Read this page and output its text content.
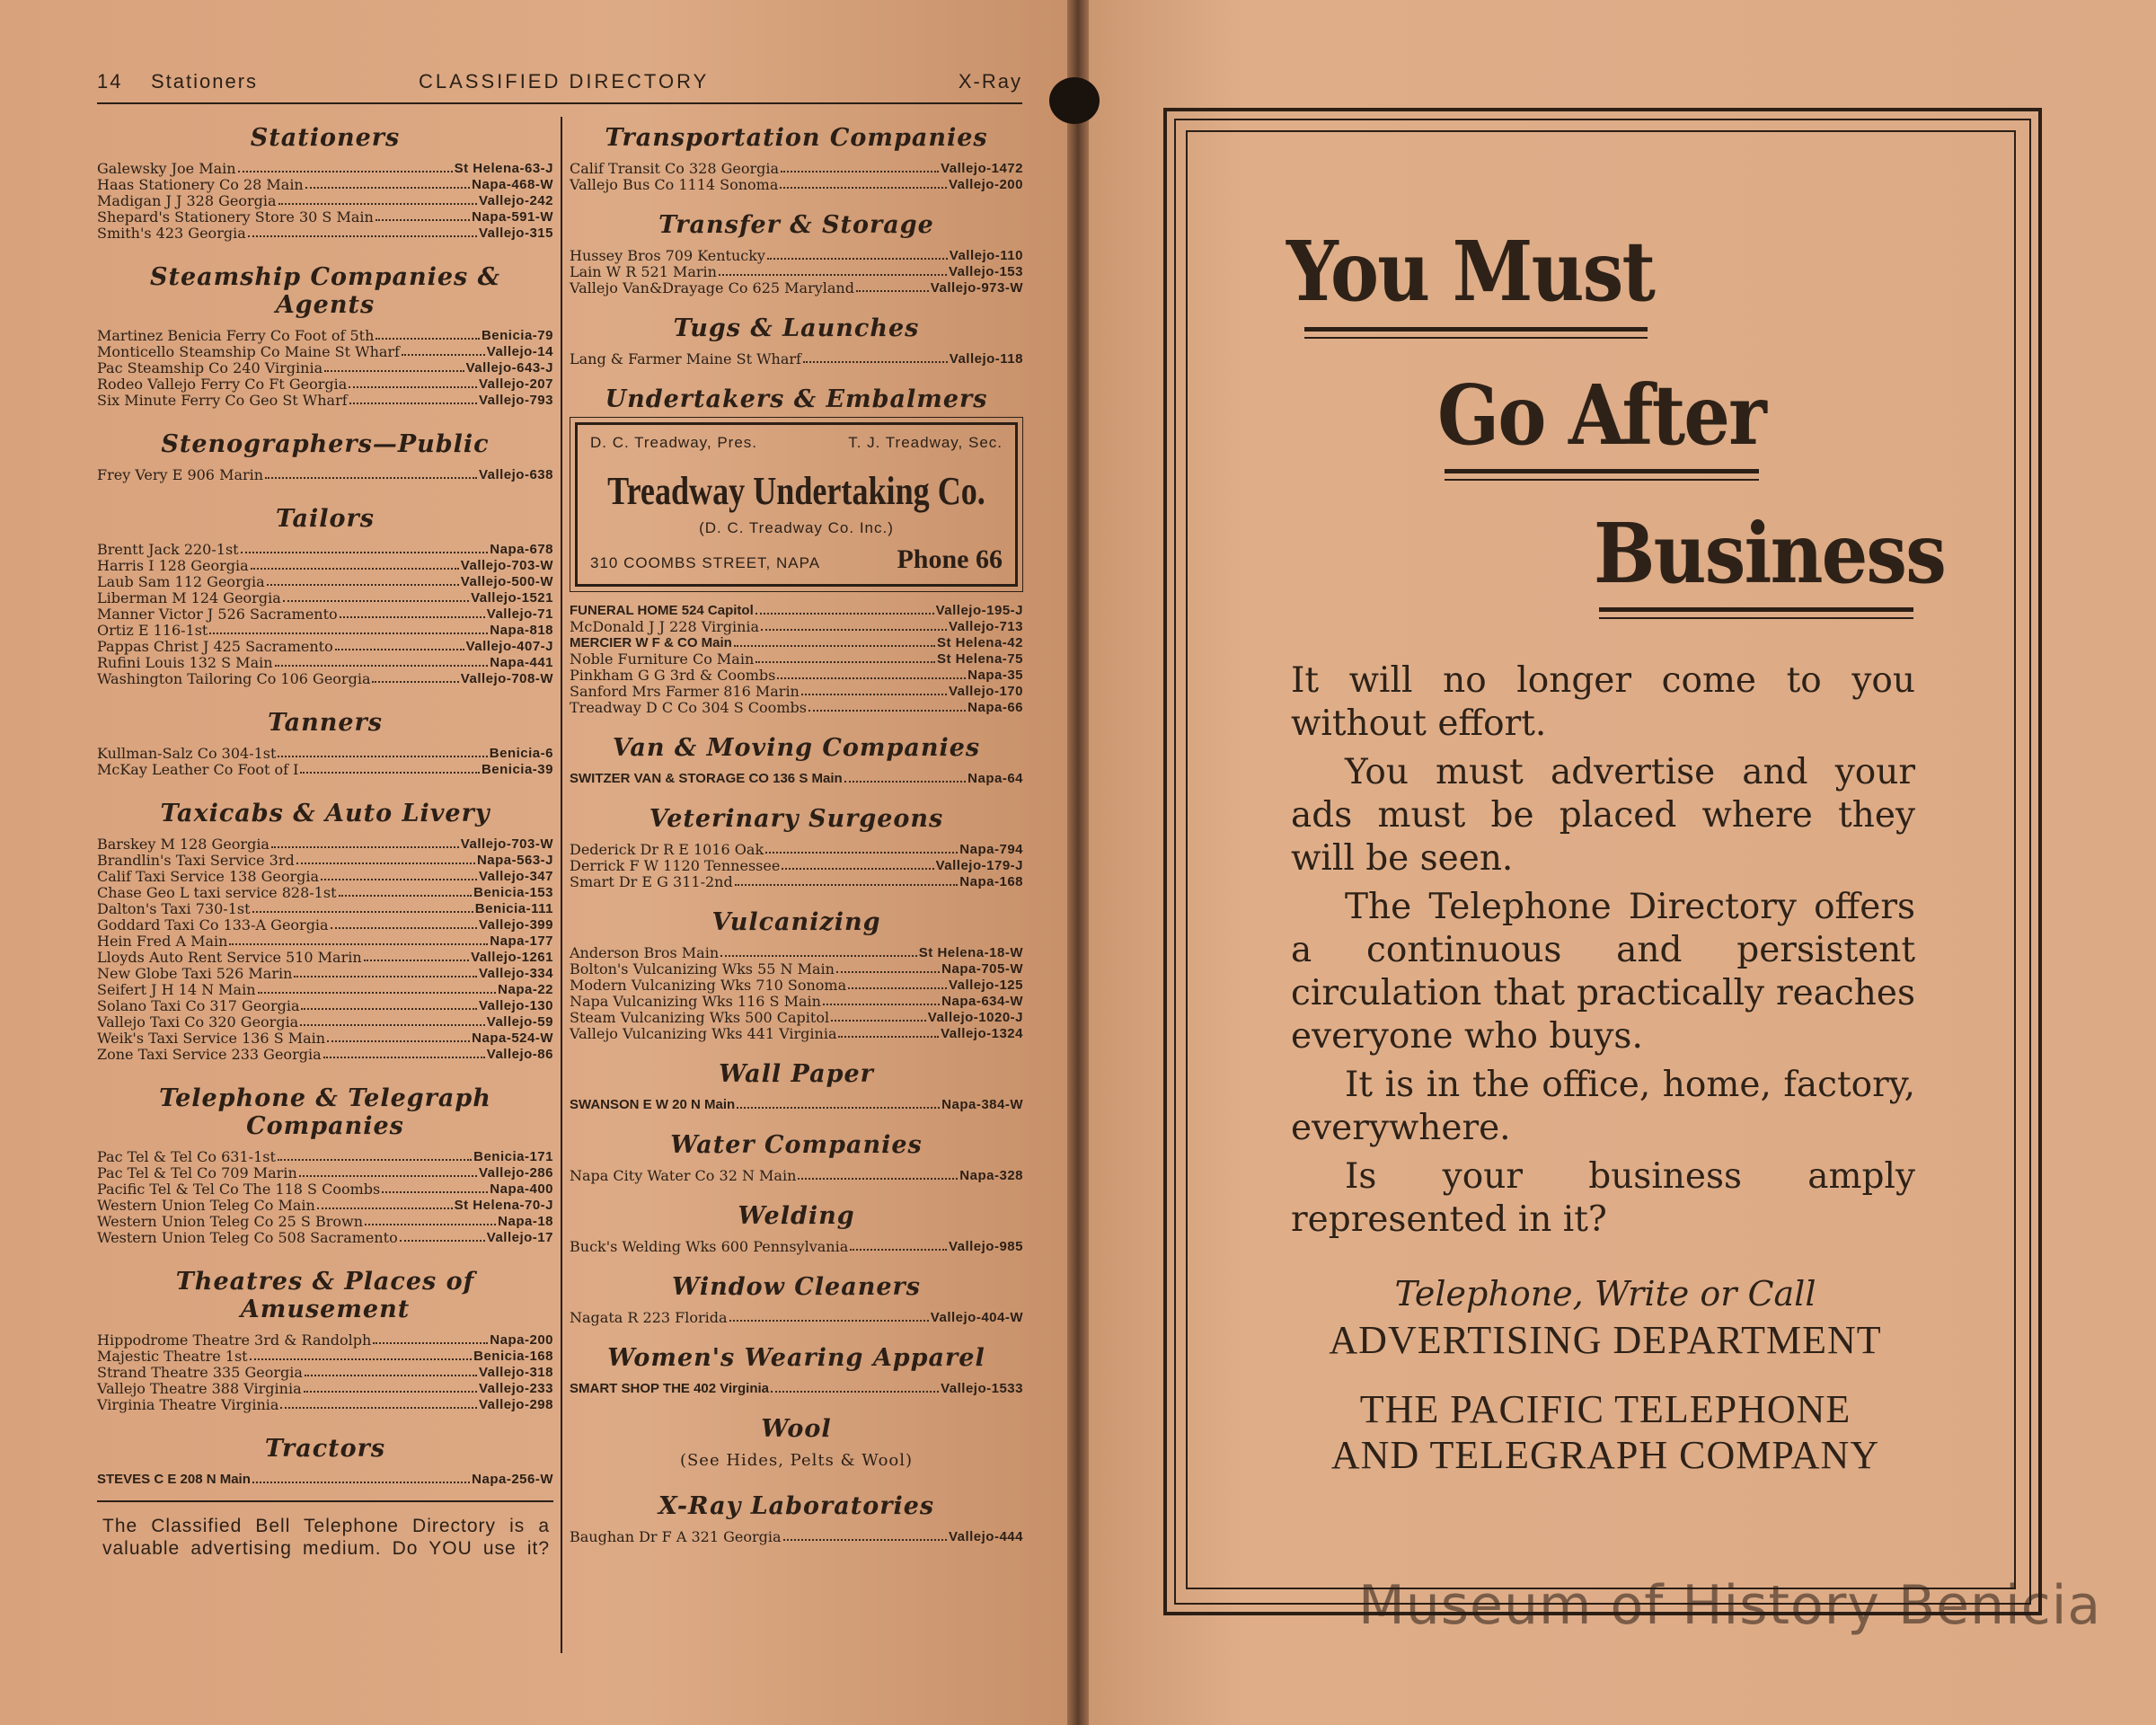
14 Stationers	CLASSIFIED DIRECTORY	X-Ray
Stationers
Galewsky Joe Main	St Helena-63-J
Haas Stationery Co 28 Main	Napa-468-W
Madigan J J 328 Georgia	Vallejo-242
Shepard's Stationery Store 30 S Main	Napa-591-W
Smith's 423 Georgia	Vallejo-315
Steamship Companies & Agents
Martinez Benicia Ferry Co Foot of 5th	Benicia-79
Monticello Steamship Co Maine St Wharf	Vallejo-14
Pac Steamship Co 240 Virginia	Vallejo-643-J
Rodeo Vallejo Ferry Co Ft Georgia	Vallejo-207
Six Minute Ferry Co Geo St Wharf	Vallejo-793
Stenographers—Public
Frey Very E 906 Marin	Vallejo-638
Tailors
Brentt Jack 220-1st	Napa-678
Harris I 128 Georgia	Vallejo-703-W
Laub Sam 112 Georgia	Vallejo-500-W
Liberman M 124 Georgia	Vallejo-1521
Manner Victor J 526 Sacramento	Vallejo-71
Ortiz E 116-1st	Napa-818
Pappas Christ J 425 Sacramento	Vallejo-407-J
Rufini Louis 132 S Main	Napa-441
Washington Tailoring Co 106 Georgia	Vallejo-708-W
Tanners
Kullman-Salz Co 304-1st	Benicia-6
McKay Leather Co Foot of I	Benicia-39
Taxicabs & Auto Livery
Barskey M 128 Georgia	Vallejo-703-W
Brandlin's Taxi Service 3rd	Napa-563-J
Calif Taxi Service 138 Georgia	Vallejo-347
Chase Geo L taxi service 828-1st	Benicia-153
Dalton's Taxi 730-1st	Benicia-111
Goddard Taxi Co 133-A Georgia	Vallejo-399
Hein Fred A Main	Napa-177
Lloyds Auto Rent Service 510 Marin	Vallejo-1261
New Globe Taxi 526 Marin	Vallejo-334
Seifert J H 14 N Main	Napa-22
Solano Taxi Co 317 Georgia	Vallejo-130
Vallejo Taxi Co 320 Georgia	Vallejo-59
Weik's Taxi Service 136 S Main	Napa-524-W
Zone Taxi Service 233 Georgia	Vallejo-86
Telephone & Telegraph Companies
Pac Tel & Tel Co 631-1st	Benicia-171
Pac Tel & Tel Co 709 Marin	Vallejo-286
Pacific Tel & Tel Co The 118 S Coombs	Napa-400
Western Union Teleg Co Main	St Helena-70-J
Western Union Teleg Co 25 S Brown	Napa-18
Western Union Teleg Co 508 Sacramento	Vallejo-17
Theatres & Places of Amusement
Hippodrome Theatre 3rd & Randolph	Napa-200
Majestic Theatre 1st	Benicia-168
Strand Theatre 335 Georgia	Vallejo-318
Vallejo Theatre 388 Virginia	Vallejo-233
Virginia Theatre Virginia	Vallejo-298
Tractors
STEVES C E 208 N Main	Napa-256-W
The Classified Bell Telephone Directory is a valuable advertising medium. Do YOU use it?
Transportation Companies
Calif Transit Co 328 Georgia	Vallejo-1472
Vallejo Bus Co 1114 Sonoma	Vallejo-200
Transfer & Storage
Hussey Bros 709 Kentucky	Vallejo-110
Lain W R 521 Marin	Vallejo-153
Vallejo Van&Drayage Co 625 Maryland	Vallejo-973-W
Tugs & Launches
Lang & Farmer Maine St Wharf	Vallejo-118
Undertakers & Embalmers
D. C. Treadway, Pres.	T. J. Treadway, Sec.
Treadway Undertaking Co.
(D. C. Treadway Co. Inc.)
310 COOMBS STREET, NAPA	Phone 66
FUNERAL HOME 524 Capitol	Vallejo-195-J
McDonald J J 228 Virginia	Vallejo-713
MERCIER W F & CO Main	St Helena-42
Noble Furniture Co Main	St Helena-75
Pinkham G G 3rd & Coombs	Napa-35
Sanford Mrs Farmer 816 Marin	Vallejo-170
Treadway D C Co 304 S Coombs	Napa-66
Van & Moving Companies
SWITZER VAN & STORAGE CO 136 S Main	Napa-64
Veterinary Surgeons
Dederick Dr R E 1016 Oak	Napa-794
Derrick F W 1120 Tennessee	Vallejo-179-J
Smart Dr E G 311-2nd	Napa-168
Vulcanizing
Anderson Bros Main	St Helena-18-W
Bolton's Vulcanizing Wks 55 N Main	Napa-705-W
Modern Vulcanizing Wks 710 Sonoma	Vallejo-125
Napa Vulcanizing Wks 116 S Main	Napa-634-W
Steam Vulcanizing Wks 500 Capitol	Vallejo-1020-J
Vallejo Vulcanizing Wks 441 Virginia	Vallejo-1324
Wall Paper
SWANSON E W 20 N Main	Napa-384-W
Water Companies
Napa City Water Co 32 N Main	Napa-328
Welding
Buck's Welding Wks 600 Pennsylvania	Vallejo-985
Window Cleaners
Nagata R 223 Florida	Vallejo-404-W
Women's Wearing Apparel
SMART SHOP THE 402 Virginia	Vallejo-1533
Wool
(See Hides, Pelts & Wool)
X-Ray Laboratories
Baughan Dr F A 321 Georgia	Vallejo-444
You Must
Go After
Business

It will no longer come to you without effort.

You must advertise and your ads must be placed where they will be seen.

The Telephone Directory offers a continuous and persistent circulation that practically reaches everyone who buys.

It is in the office, home, factory, everywhere.

Is your business amply represented in it?

Telephone, Write or Call
ADVERTISING DEPARTMENT
THE PACIFIC TELEPHONE
AND TELEGRAPH COMPANY
Museum of History Benicia
